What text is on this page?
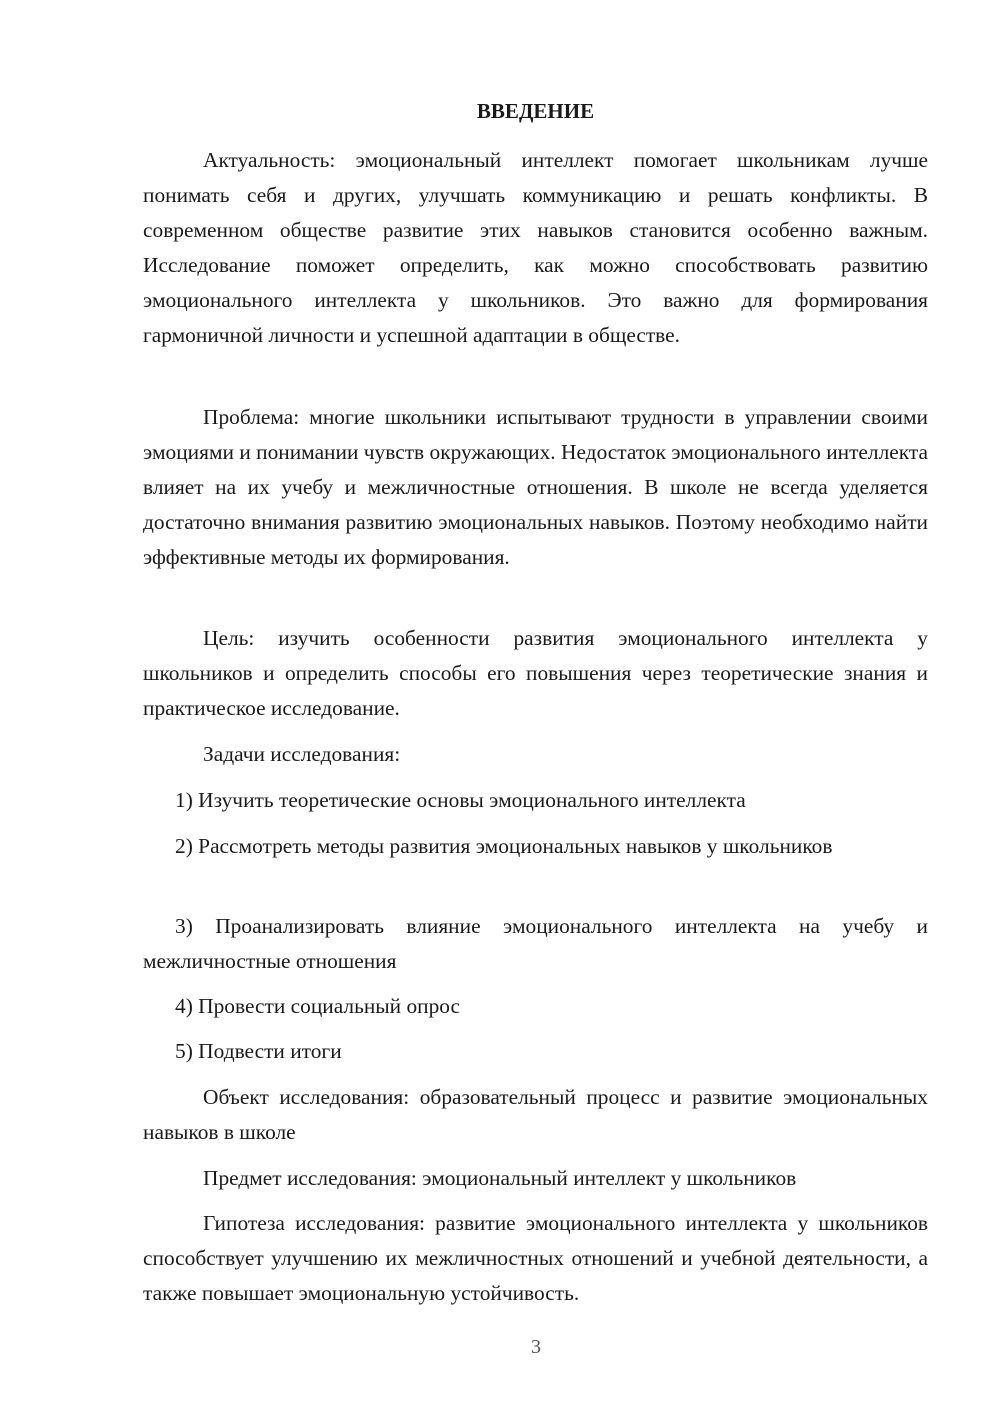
ВВЕДЕНИЕ

Актуальность: эмоциональный интеллект помогает школьникам лучше понимать себя и других, улучшать коммуникацию и решать конфликты. В современном обществе развитие этих навыков становится особенно важным. Исследование поможет определить, как можно способствовать развитию эмоционального интеллекта у школьников. Это важно для формирования гармоничной личности и успешной адаптации в обществе.

Проблема: многие школьники испытывают трудности в управлении своими эмоциями и понимании чувств окружающих. Недостаток эмоционального интеллекта влияет на их учебу и межличностные отношения. В школе не всегда уделяется достаточно внимания развитию эмоциональных навыков. Поэтому необходимо найти эффективные методы их формирования.

Цель: изучить особенности развития эмоционального интеллекта у школьников и определить способы его повышения через теоретические знания и практическое исследование.

Задачи исследования:

1) Изучить теоретические основы эмоционального интеллекта

2) Рассмотреть методы развития эмоциональных навыков у школьников

3) Проанализировать влияние эмоционального интеллекта на учебу и межличностные отношения

4) Провести социальный опрос

5) Подвести итоги

Объект исследования: образовательный процесс и развитие эмоциональных навыков в школе

Предмет исследования: эмоциональный интеллект у школьников

Гипотеза исследования: развитие эмоционального интеллекта у школьников способствует улучшению их межличностных отношений и учебной деятельности, а также повышает эмоциональную устойчивость.

3
